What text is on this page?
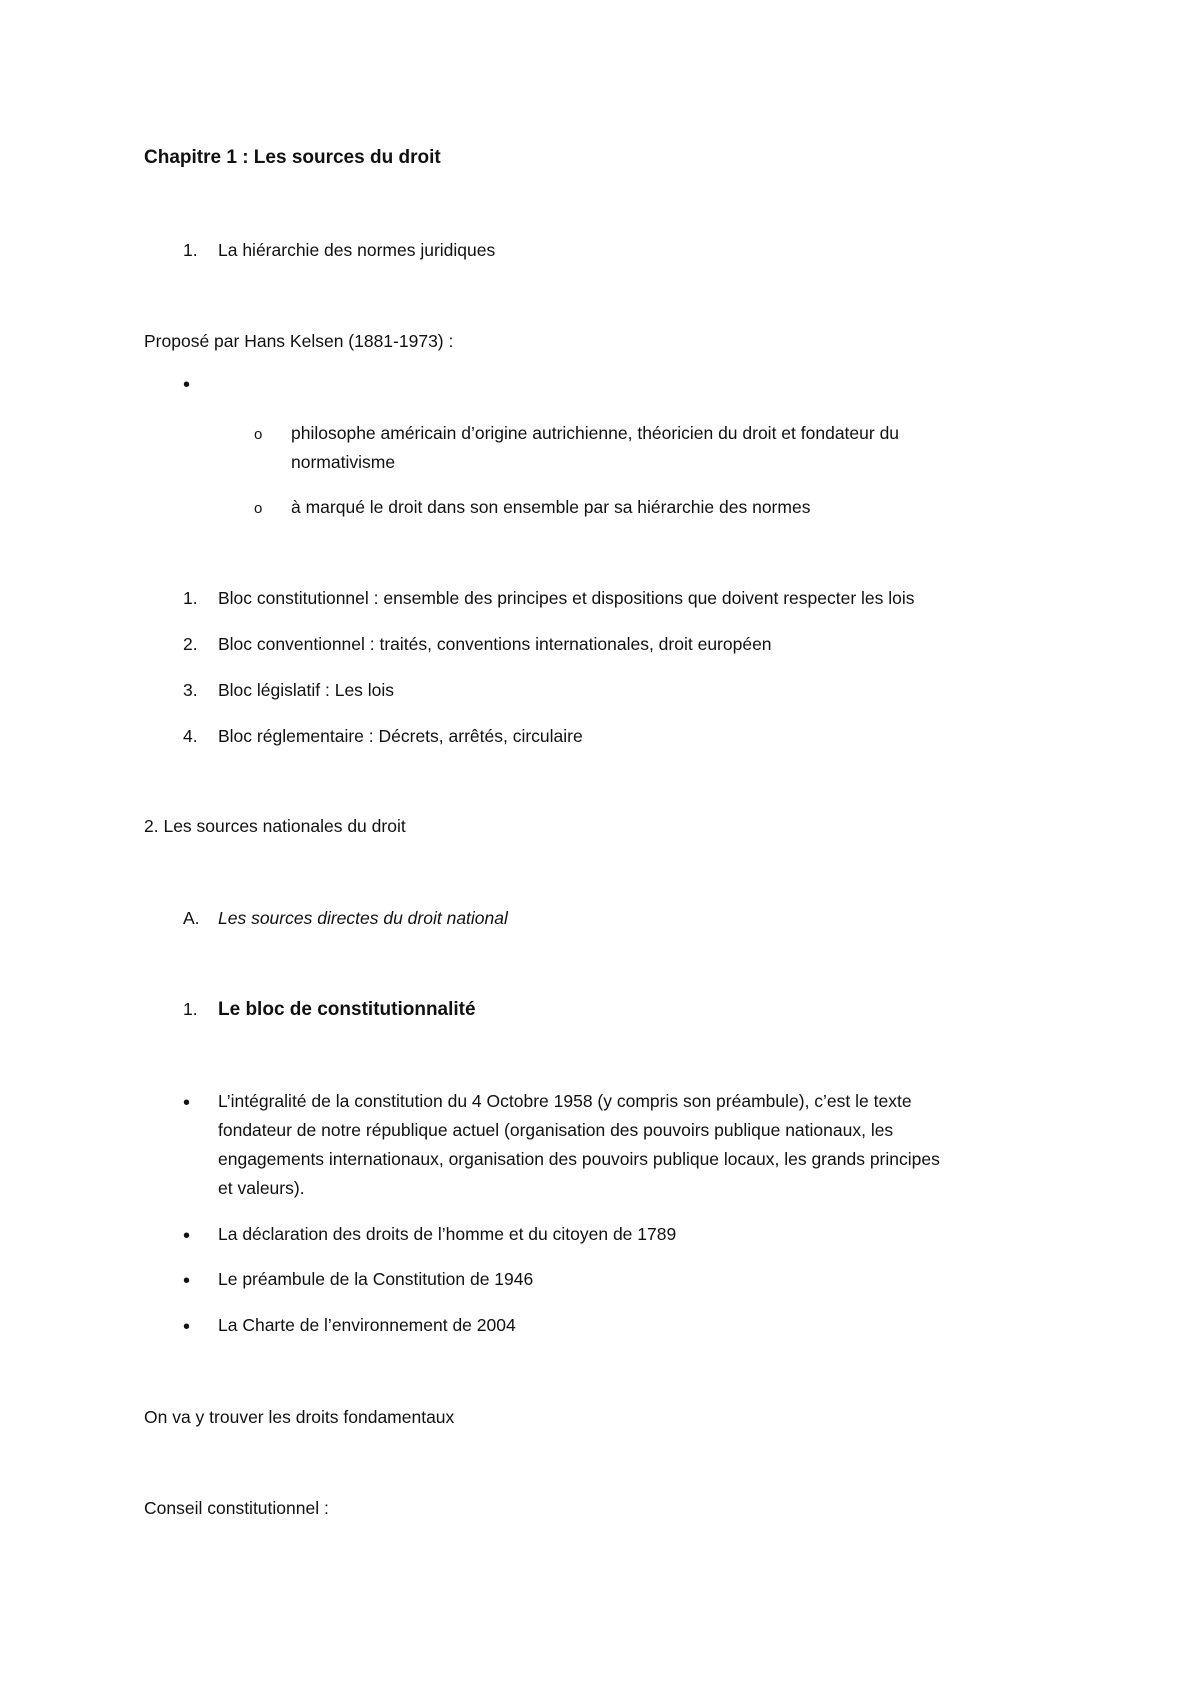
Chapitre 1 : Les sources du droit
1. La hiérarchie des normes juridiques
Proposé par Hans Kelsen (1881-1973) :
•
o philosophe américain d’origine autrichienne, théoricien du droit et fondateur du
normativisme
o à marqué le droit dans son ensemble par sa hiérarchie des normes
1. Bloc constitutionnel : ensemble des principes et dispositions que doivent respecter les lois
2. Bloc conventionnel : traités, conventions internationales, droit européen
3. Bloc législatif : Les lois
4. Bloc réglementaire : Décrets, arrêtés, circulaire
2. Les sources nationales du droit
A. Les sources directes du droit national
1. Le bloc de constitutionnalité
• L’intégralité de la constitution du 4 Octobre 1958 (y compris son préambule), c’est le texte
fondateur de notre république actuel (organisation des pouvoirs publique nationaux, les
engagements internationaux, organisation des pouvoirs publique locaux, les grands principes
et valeurs).
• La déclaration des droits de l’homme et du citoyen de 1789
• Le préambule de la Constitution de 1946
• La Charte de l’environnement de 2004
On va y trouver les droits fondamentaux
Conseil constitutionnel :
